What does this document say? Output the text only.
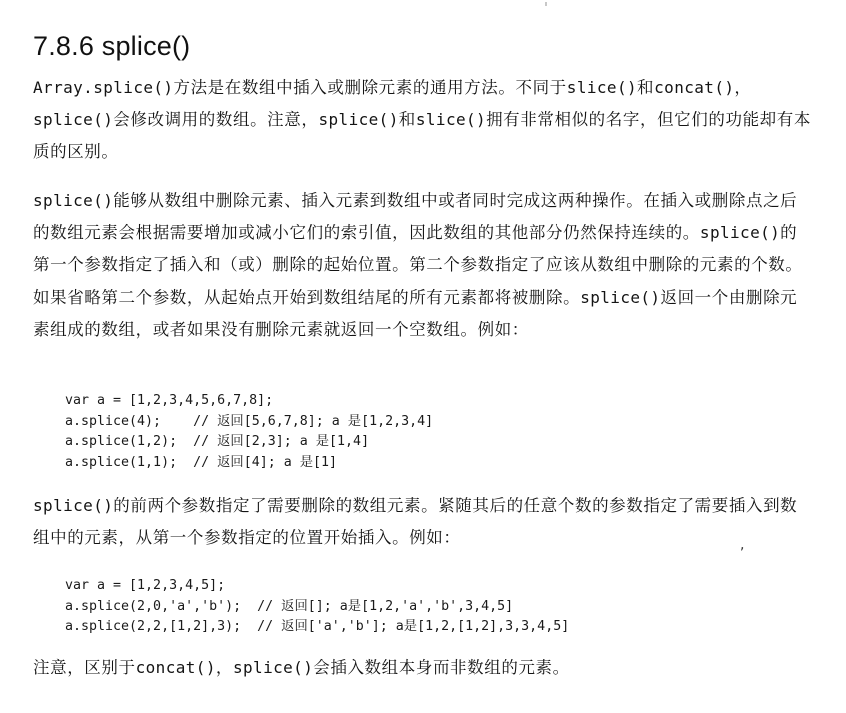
7.8.6 splice()

Array.splice()方法是在数组中插入或删除元素的通用方法。不同于slice()和concat()，splice()会修改调用的数组。注意，splice()和slice()拥有非常相似的名字，但它们的功能却有本质的区别。

splice()能够从数组中删除元素、插入元素到数组中或者同时完成这两种操作。在插入或删除点之后的数组元素会根据需要增加或减小它们的索引值，因此数组的其他部分仍然保持连续的。splice()的第一个参数指定了插入和（或）删除的起始位置。第二个参数指定了应该从数组中删除的元素的个数。如果省略第二个参数，从起始点开始到数组结尾的所有元素都将被删除。splice()返回一个由删除元素组成的数组，或者如果没有删除元素就返回一个空数组。例如：

var a = [1,2,3,4,5,6,7,8];
a.splice(4);    // 返回[5,6,7,8]; a 是[1,2,3,4]
a.splice(1,2);  // 返回[2,3]; a 是[1,4]
a.splice(1,1);  // 返回[4]; a 是[1]

splice()的前两个参数指定了需要删除的数组元素。紧随其后的任意个数的参数指定了需要插入到数组中的元素，从第一个参数指定的位置开始插入。例如：

var a = [1,2,3,4,5];
a.splice(2,0,'a','b');  // 返回[]; a是[1,2,'a','b',3,4,5]
a.splice(2,2,[1,2],3);  // 返回['a','b']; a是[1,2,[1,2],3,3,4,5]

注意，区别于concat()，splice()会插入数组本身而非数组的元素。

,
